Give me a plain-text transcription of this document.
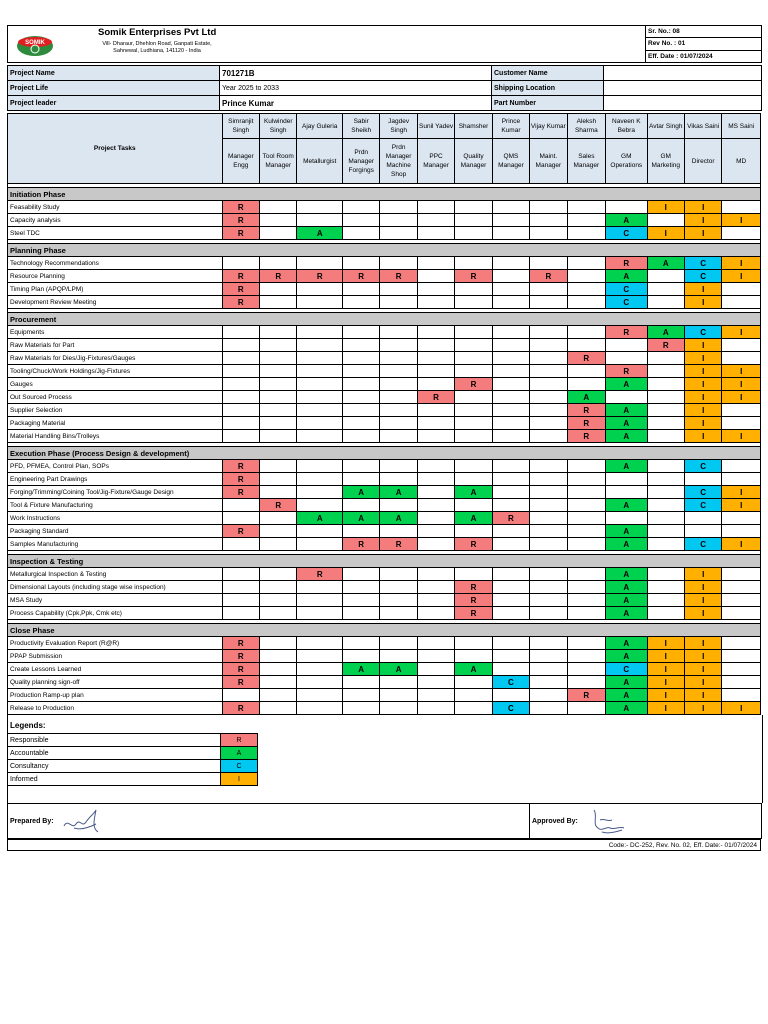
SOMIK
Somik Enterprises Pvt Ltd
Vill- Dharaur, Dhehlon Road, Ganpati Estate,
Sahnewal, Ludhiana, 141120 - India
	Sr. No.: 08
Rev No. : 01
Eff. Date : 01/07/2024
Project Name	701271B	Customer Name	
Project Life	Year 2025 to 2033	Shipping Location	
Project leader	Prince Kumar	Part Number	
Project Tasks	Simranjit Singh	Kulwinder Singh	Ajay Guleria	Sabir Sheikh	Jagdev Singh	Sunil Yadev	Shamsher	Prince Kumar	Vijay Kumar	Aleksh Sharma	Naveen K Bebra	Avtar Singh	Vikas Saini	MS Saini
	Manager Engg	Tool Room Manager	Metallurgist	Prdn Manager Forgings	Prdn Manager Machine Shop	PPC Manager	Quality Manager	QMS Manager	Maint. Manager	Sales Manager	GM Operations	GM Marketing	Director	MD

Initiation Phase														
Feasability Study	R											I	I	
Capacity analysis	R										A		I	I
Steel TDC	R		A								C	I	I	

Planning Phase														
Technology Recommendations											R	A	C	I
Resource Planning	R	R	R	R	R		R		R		A		C	I
Timing Plan (APQP/LPM)	R										C		I	
Development Review Meeting	R										C		I	

Procurement														
Equipments											R	A	C	I
Raw Materials for Part												R	I	
Raw Materials for Dies/Jig-Fixtures/Gauges										R			I	
Tooling/Chuck/Work Holdings/Jig-Fixtures											R		I	I
Gauges							R				A		I	I
Out Sourced Process						R				A			I	I
Supplier Selection										R	A		I	
Packaging Material										R	A		I	
Material Handling Bins/Trolleys										R	A		I	I

Execution Phase (Process Design & development)														
PFD, PFMEA, Control Plan, SOPs	R										A		C	
Engineering Part Drawings	R													
Forging/Trimming/Coining Tool/Jig-Fixture/Gauge Design	R			A	A		A						C	I
Tool & Fixture Manufacturing		R									A		C	I
Work Instructions			A	A	A		A	R						
Packaging Standard	R										A			
Samples Manufacturing				R	R		R				A		C	I

Inspection & Testing														
Metallurgical Inspection & Testing			R								A		I	
Dimensional Layouts (including stage wise inspection)							R				A		I	
MSA Study							R				A		I	
Process Capability (Cpk,Ppk, Cmk etc)							R				A		I	

Close Phase														
Productivity Evaluation Report (R@R)	R										A	I	I	
PPAP Submission	R										A	I	I	
Create Lessons Learned	R			A	A		A				C	I	I	
Quality planning sign-off	R							C			A	I	I	
Production Ramp-up plan										R	A	I	I	
Release to Production	R							C			A	I	I	I
Legends:
Responsible	R
Accountable	A
Consultancy	C
Informed	I
Prepared By:	Approved By:
Code:- DC-252, Rev. No. 02, Eff. Date:- 01/07/2024
